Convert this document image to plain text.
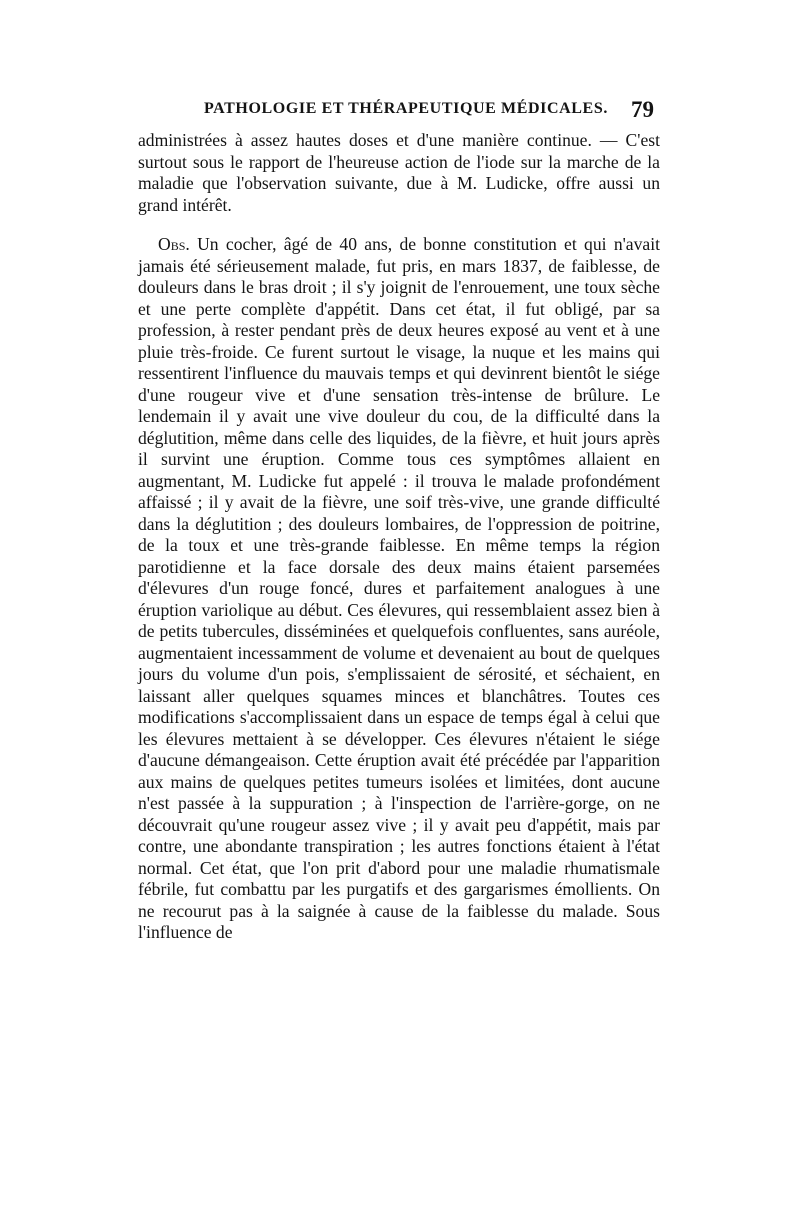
PATHOLOGIE ET THÉRAPEUTIQUE MÉDICALES. 79

administrées à assez hautes doses et d'une manière continue. — C'est surtout sous le rapport de l'heureuse action de l'iode sur la marche de la maladie que l'observation suivante, due à M. Ludicke, offre aussi un grand intérêt.

Obs. Un cocher, âgé de 40 ans, de bonne constitution et qui n'avait jamais été sérieusement malade, fut pris, en mars 1837, de faiblesse, de douleurs dans le bras droit ; il s'y joignit de l'enrouement, une toux sèche et une perte complète d'appétit. Dans cet état, il fut obligé, par sa profession, à rester pendant près de deux heures exposé au vent et à une pluie très-froide. Ce furent surtout le visage, la nuque et les mains qui ressentirent l'influence du mauvais temps et qui devinrent bientôt le siége d'une rougeur vive et d'une sensation très-intense de brûlure. Le lendemain il y avait une vive douleur du cou, de la difficulté dans la déglutition, même dans celle des liquides, de la fièvre, et huit jours après il survint une éruption. Comme tous ces symptômes allaient en augmentant, M. Ludicke fut appelé : il trouva le malade profondément affaissé ; il y avait de la fièvre, une soif très-vive, une grande difficulté dans la déglutition ; des douleurs lombaires, de l'oppression de poitrine, de la toux et une très-grande faiblesse. En même temps la région parotidienne et la face dorsale des deux mains étaient parsemées d'élevures d'un rouge foncé, dures et parfaitement analogues à une éruption variolique au début. Ces élevures, qui ressemblaient assez bien à de petits tubercules, disséminées et quelquefois confluentes, sans auréole, augmentaient incessamment de volume et devenaient au bout de quelques jours du volume d'un pois, s'emplissaient de sérosité, et séchaient, en laissant aller quelques squames minces et blanchâtres. Toutes ces modifications s'accomplissaient dans un espace de temps égal à celui que les élevures mettaient à se développer. Ces élevures n'étaient le siége d'aucune démangeaison. Cette éruption avait été précédée par l'apparition aux mains de quelques petites tumeurs isolées et limitées, dont aucune n'est passée à la suppuration ; à l'inspection de l'arrière-gorge, on ne découvrait qu'une rougeur assez vive ; il y avait peu d'appétit, mais par contre, une abondante transpiration ; les autres fonctions étaient à l'état normal. Cet état, que l'on prit d'abord pour une maladie rhumatismale fébrile, fut combattu par les purgatifs et des gargarismes émollients. On ne recourut pas à la saignée à cause de la faiblesse du malade. Sous l'influence de
